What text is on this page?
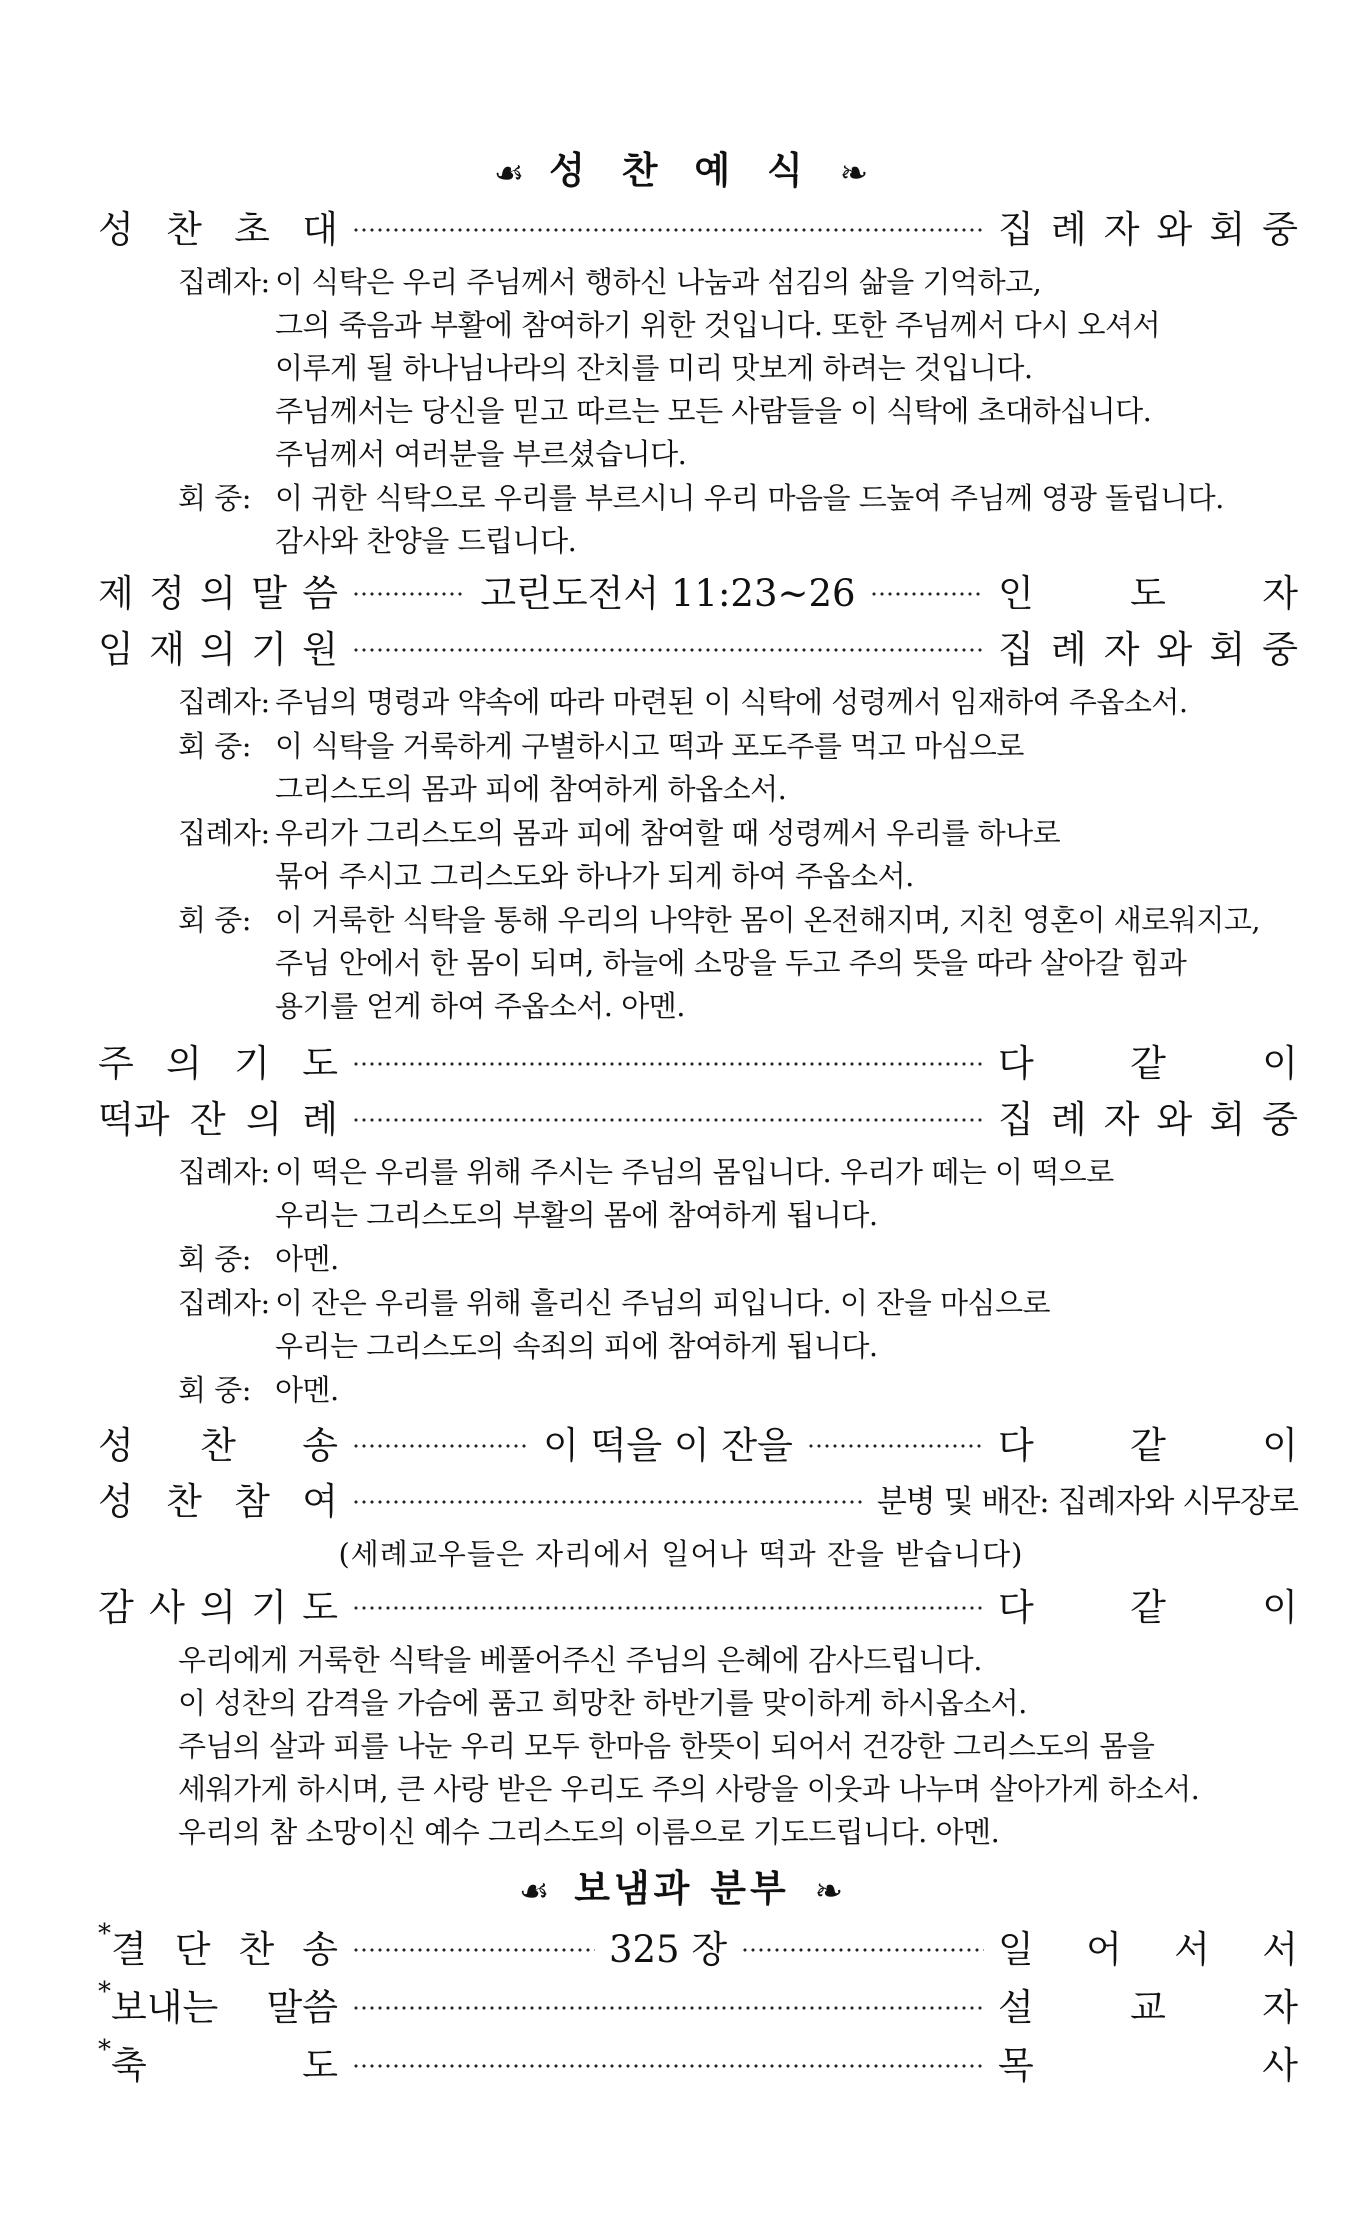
☙ 성 찬 예 식 ❧
성 찬 초 대	집 례 자 와 회 중
집례자: 이 식탁은 우리 주님께서 행하신 나눔과 섬김의 삶을 기억하고,
그의 죽음과 부활에 참여하기 위한 것입니다. 또한 주님께서 다시 오셔서
이루게 될 하나님나라의 잔치를 미리 맛보게 하려는 것입니다.
주님께서는 당신을 믿고 따르는 모든 사람들을 이 식탁에 초대하십니다.
주님께서 여러분을 부르셨습니다.
회 중: 이 귀한 식탁으로 우리를 부르시니 우리 마음을 드높여 주님께 영광 돌립니다.
감사와 찬양을 드립니다.
제 정 의 말 씀	고린도전서 11:23~26	인	도	자
임 재 의 기 원	집 례 자 와 회 중
집례자: 주님의 명령과 약속에 따라 마련된 이 식탁에 성령께서 임재하여 주옵소서.
회 중: 이 식탁을 거룩하게 구별하시고 떡과 포도주를 먹고 마심으로
그리스도의 몸과 피에 참여하게 하옵소서.
집례자: 우리가 그리스도의 몸과 피에 참여할 때 성령께서 우리를 하나로
묶어 주시고 그리스도와 하나가 되게 하여 주옵소서.
회 중: 이 거룩한 식탁을 통해 우리의 나약한 몸이 온전해지며, 지친 영혼이 새로워지고,
주님 안에서 한 몸이 되며, 하늘에 소망을 두고 주의 뜻을 따라 살아갈 힘과
용기를 얻게 하여 주옵소서. 아멘.
주 의 기 도	다	같	이
떡과 잔 의 례	집 례 자 와 회 중
집례자: 이 떡은 우리를 위해 주시는 주님의 몸입니다. 우리가 떼는 이 떡으로
우리는 그리스도의 부활의 몸에 참여하게 됩니다.
회 중: 아멘.
집례자: 이 잔은 우리를 위해 흘리신 주님의 피입니다. 이 잔을 마심으로
우리는 그리스도의 속죄의 피에 참여하게 됩니다.
회 중: 아멘.
성 찬 송	이 떡을 이 잔을	다	같	이
성 찬 참 여	분병 및 배잔: 집례자와 시무장로
(세례교우들은 자리에서 일어나 떡과 잔을 받습니다)
감 사 의 기 도	다	같	이
우리에게 거룩한 식탁을 베풀어주신 주님의 은혜에 감사드립니다.
이 성찬의 감격을 가슴에 품고 희망찬 하반기를 맞이하게 하시옵소서.
주님의 살과 피를 나눈 우리 모두 한마음 한뜻이 되어서 건강한 그리스도의 몸을
세워가게 하시며, 큰 사랑 받은 우리도 주의 사랑을 이웃과 나누며 살아가게 하소서.
우리의 참 소망이신 예수 그리스도의 이름으로 기도드립니다. 아멘.
☙ 보냄과 분부 ❧
*결 단 찬 송	325 장	일 어 서 서
*보내는 말씀	설	교	자
*축	도	목	사
